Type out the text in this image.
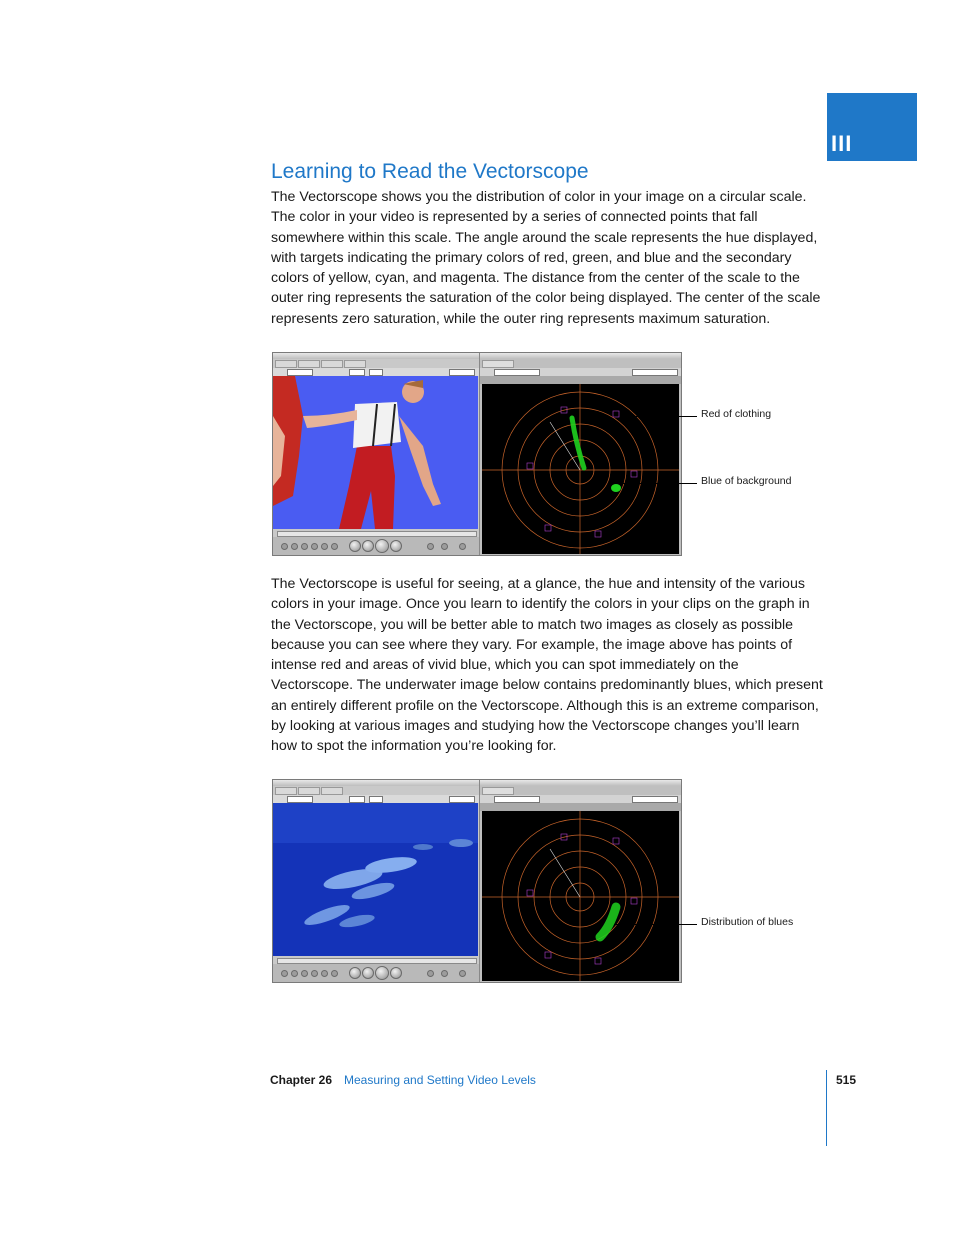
III
Learning to Read the Vectorscope

The Vectorscope shows you the distribution of color in your image on a circular scale. The color in your video is represented by a series of connected points that fall somewhere within this scale. The angle around the scale represents the hue displayed, with targets indicating the primary colors of red, green, and blue and the secondary colors of yellow, cyan, and magenta. The distance from the center of the scale to the outer ring represents the saturation of the color being displayed. The center of the scale represents zero saturation, while the outer ring represents maximum saturation.

Red of clothing
Blue of background

The Vectorscope is useful for seeing, at a glance, the hue and intensity of the various colors in your image. Once you learn to identify the colors in your clips on the graph in the Vectorscope, you will be better able to match two images as closely as possible because you can see where they vary. For example, the image above has points of intense red and areas of vivid blue, which you can spot immediately on the Vectorscope. The underwater image below contains predominantly blues, which present an entirely different profile on the Vectorscope. Although this is an extreme comparison, by looking at various images and studying how the Vectorscope changes you’ll learn how to spot the information you’re looking for.

Distribution of blues
Chapter 26 Measuring and Setting Video Levels	515
